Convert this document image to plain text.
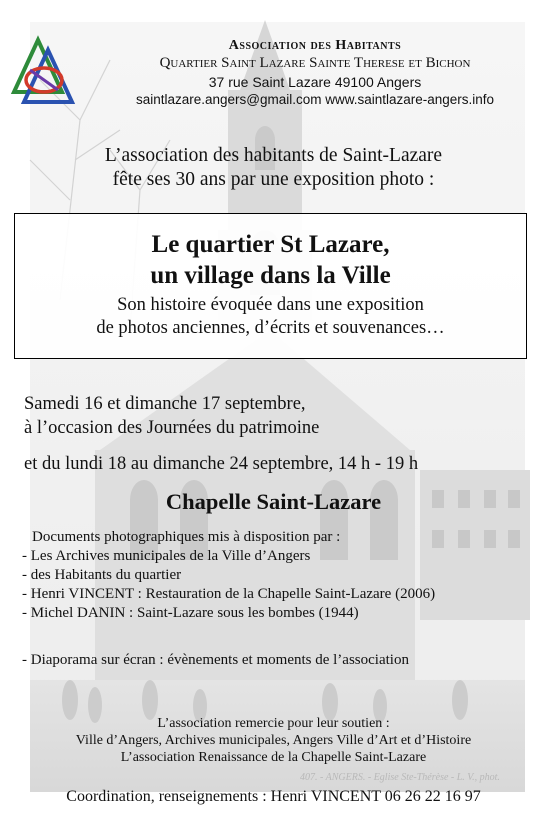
Association des Habitants
Quartier Saint Lazare Sainte Therese et Bichon
37 rue Saint Lazare 49100 Angers
saintlazare.angers@gmail.com www.saintlazare-angers.info
L’association des habitants de Saint-Lazare
fête ses 30 ans par une exposition photo :
Le quartier St Lazare,
un village dans la Ville
Son histoire évoquée dans une exposition
de photos anciennes, d’écrits et souvenances…
Samedi 16 et dimanche 17 septembre,
à l’occasion des Journées du patrimoine
et du lundi 18 au dimanche 24 septembre, 14 h - 19 h
Chapelle Saint-Lazare
Documents photographiques mis à disposition par :
- Les Archives municipales de la Ville d’Angers
- des Habitants du quartier
- Henri VINCENT : Restauration de la Chapelle Saint-Lazare (2006)
- Michel DANIN : Saint-Lazare sous les bombes (1944)
- Diaporama sur écran : évènements et moments de l’association
L’association remercie pour leur soutien :
Ville d’Angers, Archives municipales, Angers Ville d’Art et d’Histoire
L’association Renaissance de la Chapelle Saint-Lazare
407. - ANGERS. - Eglise Ste-Thérèse - L. V., phot.
Coordination, renseignements : Henri VINCENT 06 26 22 16 97
